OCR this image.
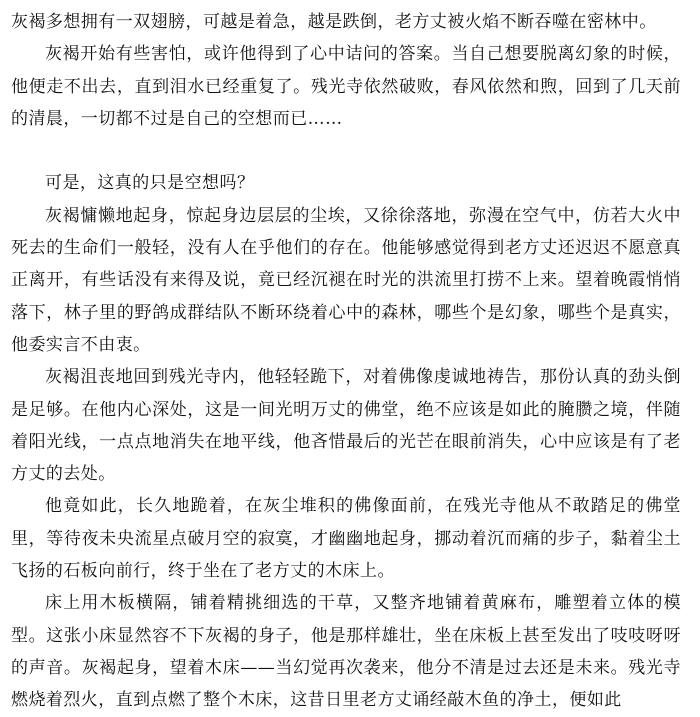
灰褐多想拥有一双翅膀，可越是着急，越是跌倒，老方丈被火焰不断吞噬在密林中。

灰褐开始有些害怕，或许他得到了心中诘问的答案。当自己想要脱离幻象的时候，他便走不出去，直到泪水已经重复了。残光寺依然破败，春风依然和煦，回到了几天前的清晨，一切都不过是自己的空想而已……

可是，这真的只是空想吗？

灰褐慵懒地起身，惊起身边层层的尘埃，又徐徐落地，弥漫在空气中，仿若大火中死去的生命们一般轻，没有人在乎他们的存在。他能够感觉得到老方丈还迟迟不愿意真正离开，有些话没有来得及说，竟已经沉褪在时光的洪流里打捞不上来。望着晚霞悄悄落下，林子里的野鸽成群结队不断环绕着心中的森林，哪些个是幻象，哪些个是真实，他委实言不由衷。

灰褐沮丧地回到残光寺内，他轻轻跪下，对着佛像虔诚地祷告，那份认真的劲头倒是足够。在他内心深处，这是一间光明万丈的佛堂，绝不应该是如此的腌臜之境，伴随着阳光线，一点点地消失在地平线，他吝惜最后的光芒在眼前消失，心中应该是有了老方丈的去处。

他竟如此，长久地跪着，在灰尘堆积的佛像面前，在残光寺他从不敢踏足的佛堂里，等待夜未央流星点破月空的寂寞，才幽幽地起身，挪动着沉而痛的步子，黏着尘土飞扬的石板向前行，终于坐在了老方丈的木床上。

床上用木板横隔，铺着精挑细选的干草，又整齐地铺着黄麻布，雕塑着立体的模型。这张小床显然容不下灰褐的身子，他是那样雄壮，坐在床板上甚至发出了吱吱呀呀的声音。灰褐起身，望着木床——当幻觉再次袭来，他分不清是过去还是未来。残光寺燃烧着烈火，直到点燃了整个木床，这昔日里老方丈诵经敲木鱼的净土，便如此
